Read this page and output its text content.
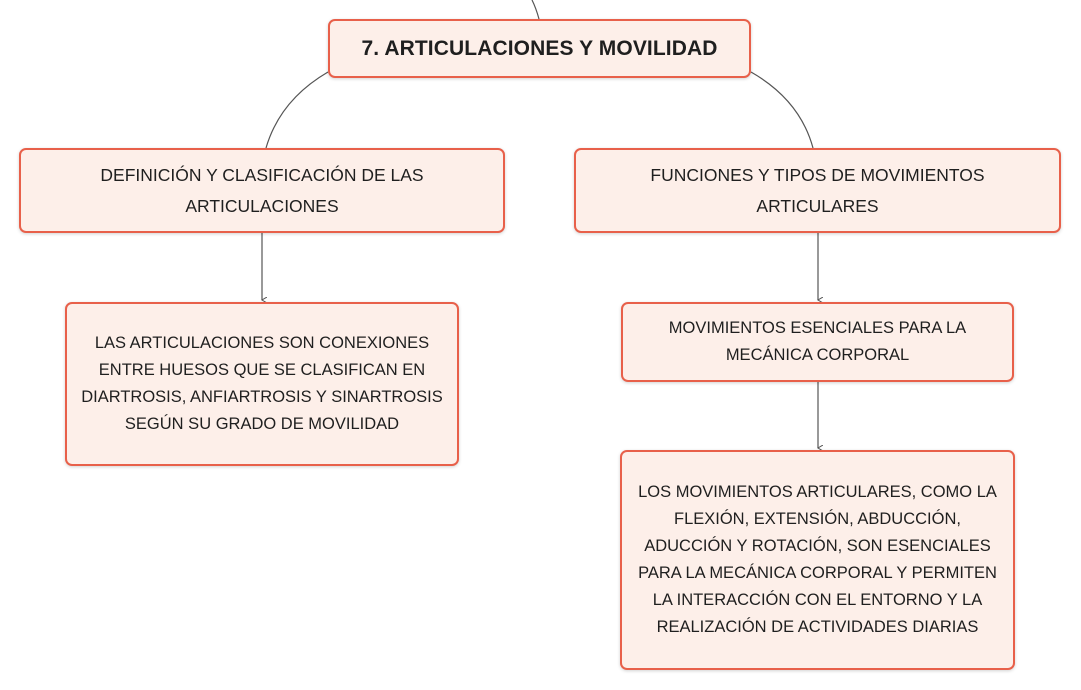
7. ARTICULACIONES Y MOVILIDAD
DEFINICIÓN Y CLASIFICACIÓN DE LAS ARTICULACIONES
FUNCIONES Y TIPOS DE MOVIMIENTOS ARTICULARES
LAS ARTICULACIONES SON CONEXIONES ENTRE HUESOS QUE SE CLASIFICAN EN DIARTROSIS, ANFIARTROSIS Y SINARTROSIS SEGÚN SU GRADO DE MOVILIDAD
MOVIMIENTOS ESENCIALES PARA LA MECÁNICA CORPORAL
LOS MOVIMIENTOS ARTICULARES, COMO LA FLEXIÓN, EXTENSIÓN, ABDUCCIÓN, ADUCCIÓN Y ROTACIÓN, SON ESENCIALES PARA LA MECÁNICA CORPORAL Y PERMITEN LA INTERACCIÓN CON EL ENTORNO Y LA REALIZACIÓN DE ACTIVIDADES DIARIAS
